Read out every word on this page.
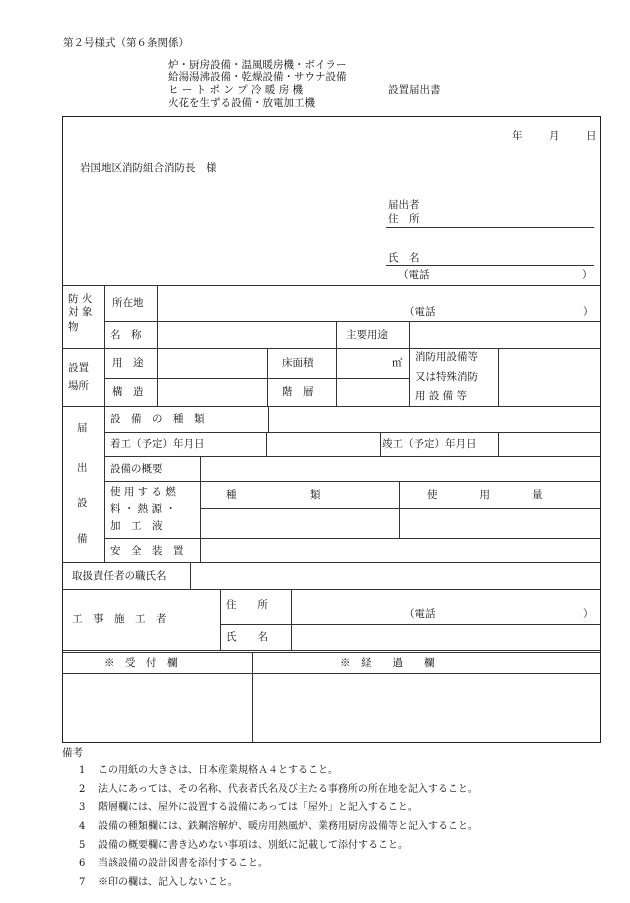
第２号様式（第６条関係）
炉・厨房設備・温風暖房機・ボイラー
給湯湯沸設備・乾燥設備・サウナ設備
ヒ ー ト ポ ン プ 冷 暖 房 機
火花を生ずる設備・放電加工機
設置届出書
年	月	日
岩国地区消防組合消防長　様
届出者
住　所
氏　名
（電話	）
防 火
対 象
物
所在地
（電話	）
名　称	主要用途
設置
場所
用　途	床面積	㎡ 消防用設備等
又は特殊消防
用 設 備 等
構　造	階　層
届
出
設
備
設　備　の　種　類
着工（予定）年月日	竣工（予定）年月日
設備の概要
使 用 す る 燃
料 ・ 熱 源 ・
加　工　液
種　　　　　　　類	使　　　　用　　　　量
安　全　装　置
取扱責任者の職氏名
工　事　施　工　者
住　　所
（電話	）
氏　　名
※　受　付　欄	※　経　　過　　欄
備考
1 この用紙の大きさは、日本産業規格Ａ４とすること。
2 法人にあっては、その名称、代表者氏名及び主たる事務所の所在地を記入すること。
3 階層欄には、屋外に設置する設備にあっては「屋外」と記入すること。
4 設備の種類欄には、鉄鋼溶解炉、暖房用熱風炉、業務用厨房設備等と記入すること。
5 設備の概要欄に書き込めない事項は、別紙に記載して添付すること。
6 当該設備の設計図書を添付すること。
7 ※印の欄は、記入しないこと。
